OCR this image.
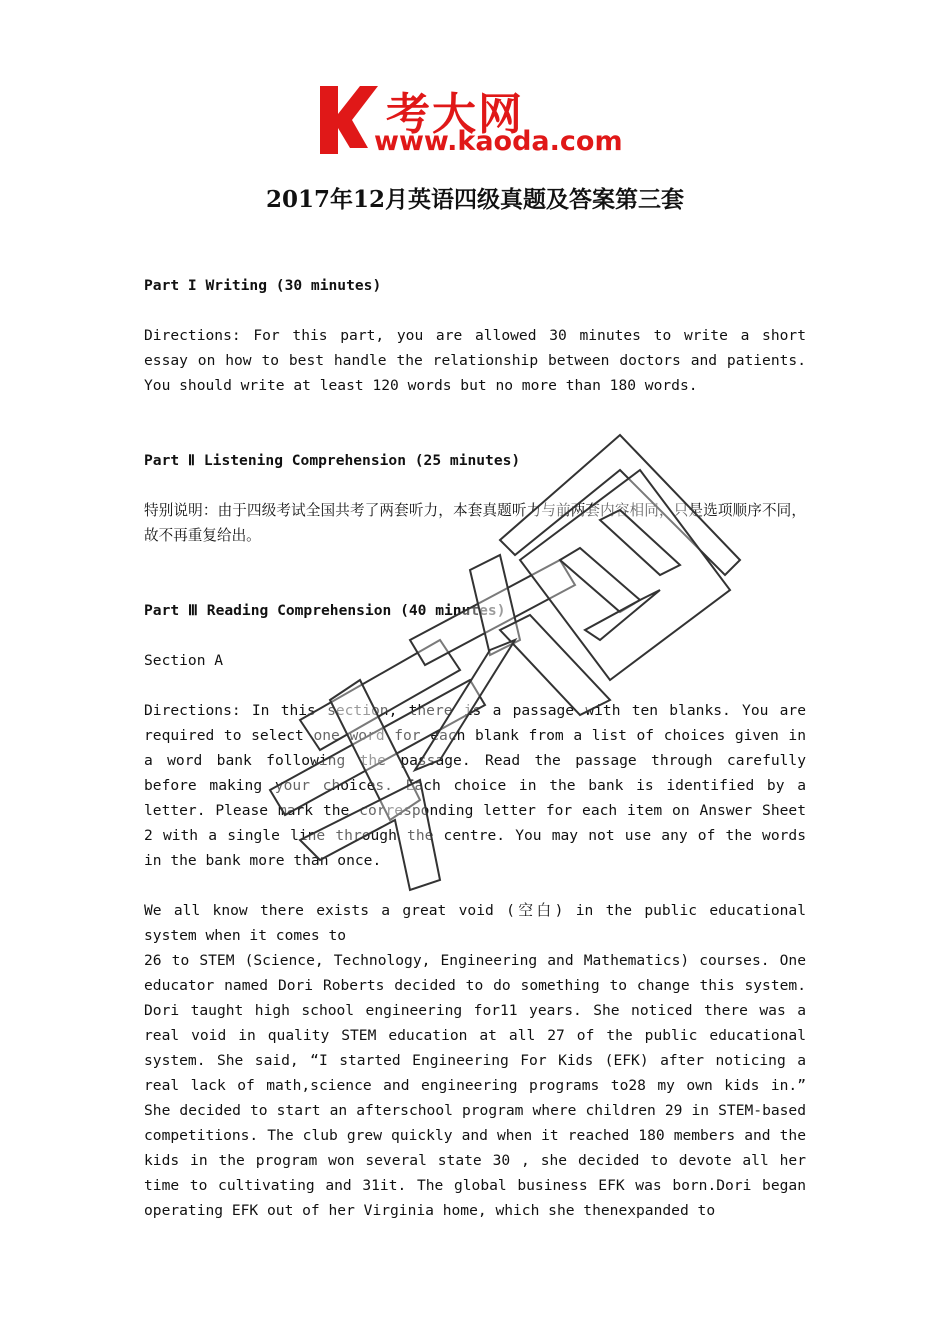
考大网
www.kaoda.com
2017年12月英语四级真题及答案第三套

Part I Writing (30 minutes)

Directions: For this part, you are allowed 30 minutes to write a short essay on how to best handle the relationship between doctors and patients. You should write at least 120 words but no more than 180 words.

Part Ⅱ Listening Comprehension (25 minutes)

特别说明：由于四级考试全国共考了两套听力，本套真题听力与前两套内容相同，只是选项顺序不同，故不再重复给出。

Part Ⅲ Reading Comprehension (40 minutes)

Section A

Directions: In this section, there is a passage with ten blanks. You are required to select one word for each blank from a list of choices given in a word bank following the passage. Read the passage through carefully before making your choices. Each choice in the bank is identified by a letter. Please mark the corresponding letter for each item on Answer Sheet 2 with a single line through the centre. You may not use any of the words in the bank more than once.

We all know there exists a great void (空白) in the public educational system when it comes to
26 to STEM (Science, Technology, Engineering and Mathematics) courses. One educator named Dori Roberts decided to do something to change this system. Dori taught high school engineering for11 years. She noticed there was a real void in quality STEM education at all 27 of the public educational system. She said, “I started Engineering For Kids (EFK) after noticing a real lack of math,science and engineering programs to28 my own kids in.” She decided to start an afterschool program where children 29 in STEM-based competitions. The club grew quickly and when it reached 180 members and the kids in the program won several state 30 , she decided to devote all her time to cultivating and 31it. The global business EFK was born.Dori began operating EFK out of her Virginia home, which she thenexpanded to
